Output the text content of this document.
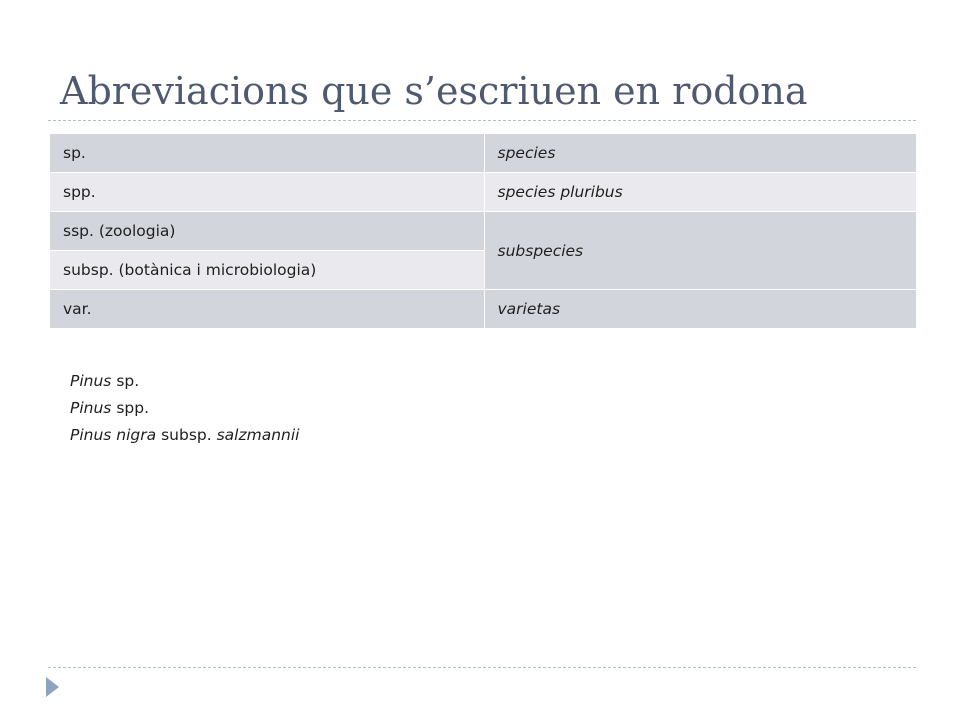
Abreviacions que s’escriuen en rodona
sp.	species
spp.	species pluribus
ssp. (zoologia)	subspecies
subsp. (botànica i microbiologia)	
var.	varietas
Pinus sp.
Pinus spp.
Pinus nigra subsp. salzmannii
